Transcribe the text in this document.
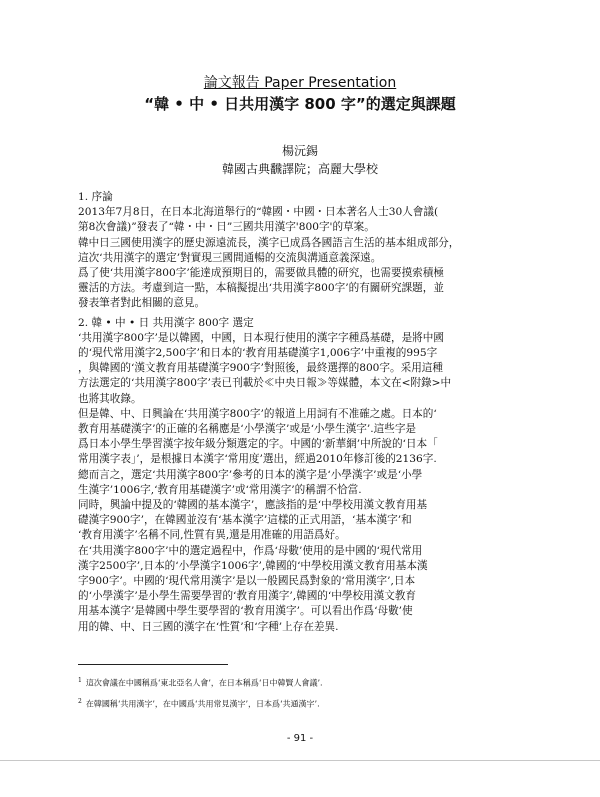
論文報告 Paper Presentation
“韓 • 中 • 日共用漢字 800 字”的選定與課題
楊沅錫
韓國古典飜譯院；高麗大學校

1. 序論

2013年7月8日，在日本北海道舉行的“韓國・中國・日本著名人士30人會議(

第8次會議)”發表了“韓・中・日”三國共用漢字'800字'的草案。

韓中日三國使用漢字的歷史源遠流長，漢字已成爲各國語言生活的基本組成部分，

這次‘共用漢字的選定’對實現三國間通暢的交流與溝通意義深遠。

爲了使‘共用漢字800字’能達成預期目的，需要做具體的研究，也需要摸索積極

靈活的方法。考慮到這一點，本稿擬提出‘共用漢字800字’的有關研究課題，並

發表筆者對此相關的意見。

2. 韓 • 中 • 日 共用漢字 800字 選定

‘共用漢字800字’是以韓國，中國，日本現行使用的漢字字種爲基礎，是將中國

的‘現代常用漢字2,500字’和日本的‘教育用基礎漢字1,006字’中重複的995字

，與韓國的‘漢文教育用基礎漢字900字’對照後，最終選擇的800字。采用這種

方法選定的‘共用漢字800字’表已刊載於≪中央日報≫等媒體，本文在<附錄>中

也將其收錄。

但是韓、中、日興論在‘共用漢字800字’的報道上用詞有不准確之處。日本的‘

教育用基礎漢字’的正確的名稱應是‘小學漢字’或是‘小學生漢字’.這些字是

爲日本小學生學習漢字按年級分類選定的字。中國的‘新華網’中所說的‘日本「

常用漢字表」’，是根據日本漢字‘常用度’選出，經過2010年修訂後的2136字.

總而言之，選定‘共用漢字800字’參考的日本的漢字是‘小學漢字’或是‘小學

生漢字’1006字,‘教育用基礎漢字’或‘常用漢字’的稱謂不恰當.

同時，興論中提及的‘韓國的基本漢字’，應該指的是‘中學校用漢文教育用基

礎漢字900字’，在韓國並沒有‘基本漢字’這樣的正式用語，‘基本漢字’和

‘教育用漢字’名稱不同,性質有異,還是用准確的用語爲好。

在‘共用漢字800字’中的選定過程中，作爲‘母數’使用的是中國的‘現代常用

漢字2500字’,日本的‘小學漢字1006字’,韓國的‘中學校用漢文教育用基本漢

字900字’。中國的‘現代常用漢字’是以一般國民爲對象的‘常用漢字’,日本

的‘小學漢字’是小學生需要學習的‘教育用漢字’,韓國的‘中學校用漢文教育

用基本漢字’是韓國中學生要學習的‘教育用漢字’。可以看出作爲‘母數’使

用的韓、中、日三國的漢字在‘性質’和‘字種’上存在差異.

$^1$ 這次會議在中國稱爲‘東北亞名人會’，在日本稱爲‘日中韓賢人會議’.

$^2$ 在韓國稱‘共用漢字’，在中國爲‘共用常見漢字’，日本爲‘共通漢字’.

- 91 -
